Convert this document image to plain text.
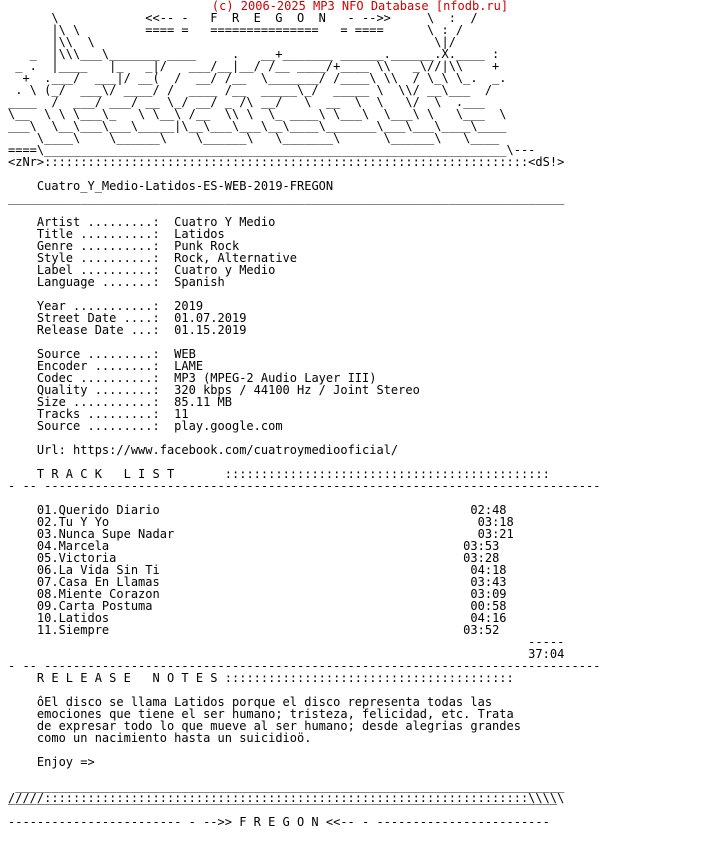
(c) 2006-2025 MP3 NFO Database [nfodb.ru]
\            <<-- -   F  R  E  G  O  N   - -->>     \  :  /
|\ \         ==== =   ===============   = ====      \ : /
|\\  \                                               \|/
_  |\\\___\_______ ____     .   __+_______ ______.______.X.____ :
_ .  |____   |_   _|/   ___/__|__/ /__ ____/+____ \\   _\//|\\    +
+  .___/  ___|/ __(  /  __/ /__  \_______/ /____\ \\  / \_\ \_.  _.
. \ (_/  ___\/ ____/ /  ____ /__  _____\_/  _____ \  \\/ __\___  /
____  /  ___/ ___/ __ \_/ __/ _ /\ __/   \  __  \  \   \/  \  .___
\__  \ \ \___\_   \ \__\ /__  \\ \  \_ ____\ \___\  \___\ \   \___  \
___\  \__\___\___\_____|\__\___\___\__\____\_______\___\___\____\____
\____\    \______\    \______\   \_______\      \______\   \____
====\________________________________________________________________\---
<zNr>:::::::::::::::::::::::::::::::::::::::::::::::::::::::::::::::::::<dS!>

Cuatro_Y_Medio-Latidos-ES-WEB-2019-FREGON
_____________________________________________________________________________

Artist .........:  Cuatro Y Medio
Title ..........:  Latidos
Genre ..........:  Punk Rock
Style ..........:  Rock, Alternative
Label ..........:  Cuatro y Medio
Language .......:  Spanish

Year ...........:  2019
Street Date ....:  01.07.2019
Release Date ...:  01.15.2019

Source .........:  WEB
Encoder ........:  LAME
Codec ..........:  MP3 (MPEG-2 Audio Layer III)
Quality ........:  320 kbps / 44100 Hz / Joint Stereo
Size ...........:  85.11 MB
Tracks .........:  11
Source .........:  play.google.com

Url: https://www.facebook.com/cuatroymediooficial/

T R A C K   L I S T	:::::::::::::::::::::::::::::::::::::::::::::
- -- -----------------------------------------------------------------------------

01.Querido Diario	02:48
02.Tu Y Yo	03:18
03.Nunca Supe Nadar	03:21
04.Marcela	03:53
05.Victoria	03:28
06.La Vida Sin Ti	04:18
07.Casa En Llamas	03:43
08.Miente Corazon	03:09
09.Carta Postuma	00:58
10.Latidos	04:16
11.Siempre	03:52
-----
37:04
- -- -----------------------------------------------------------------------------
R E L E A S E   N O T E S ::::::::::::::::::::::::::::::::::::::::

ôEl disco se llama Latidos porque el disco representa todas las
emociones que tiene el ser humano; tristeza, felicidad, etc. Trata
de expresar todo lo que mueve al ser humano; desde alegrias grandes
como un nacimiento hasta un suicidioö.

Enjoy =>

____________________________________________________________________________
/////:::::::::::::::::::::::::::::::::::::::::::::::::::::::::::::::::::\\\\\
‾‾‾‾‾‾‾‾‾‾‾‾‾‾‾‾‾‾‾‾‾‾‾‾‾‾‾‾‾‾‾‾‾‾‾‾‾‾‾‾‾‾‾‾‾‾‾‾‾‾‾‾‾‾‾‾‾‾‾‾‾‾‾‾‾‾‾‾‾‾‾‾‾‾‾‾
------------------------ - -->> F R E G O N <<-- - ------------------------
